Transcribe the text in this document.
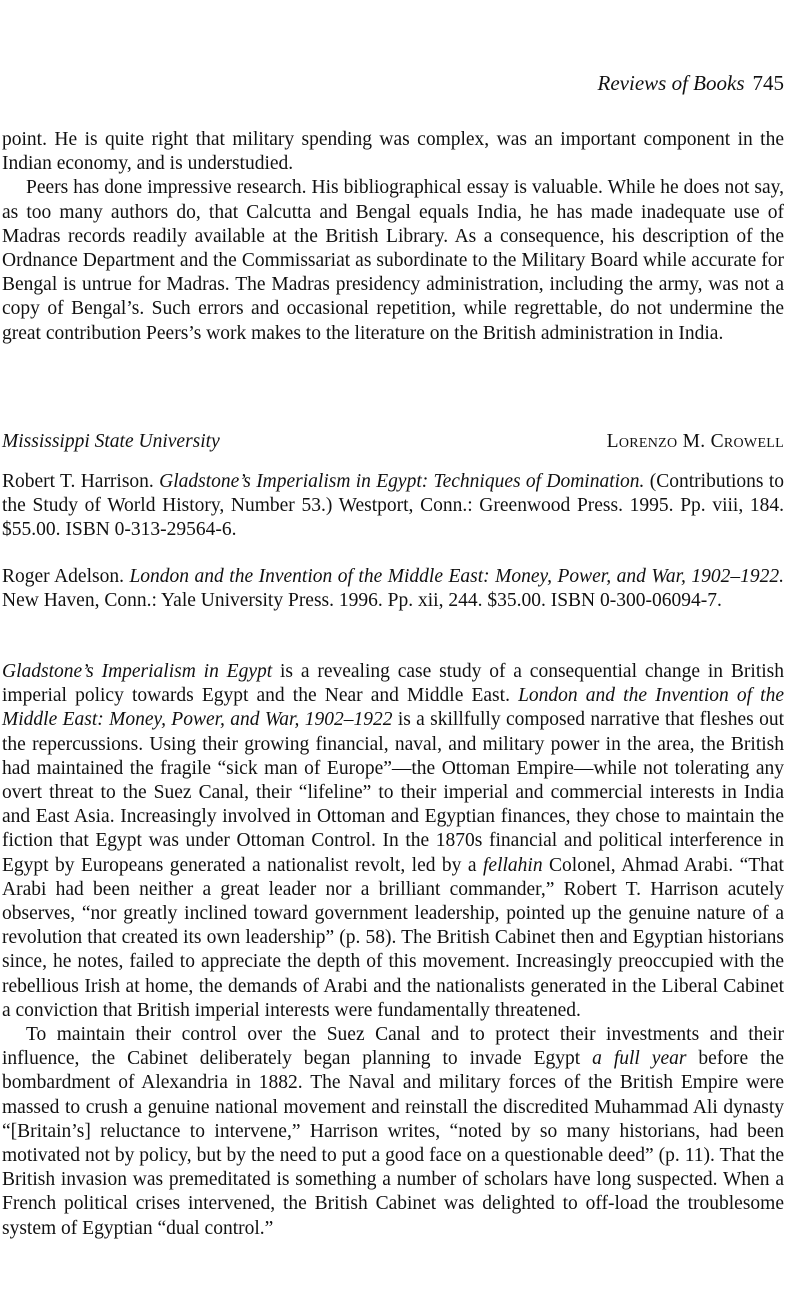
Reviews of Books 745

point. He is quite right that military spending was complex, was an important component in the Indian economy, and is understudied.

Peers has done impressive research. His bibliographical essay is valuable. While he does not say, as too many authors do, that Calcutta and Bengal equals India, he has made inadequate use of Madras records readily available at the British Library. As a consequence, his description of the Ordnance Department and the Commissariat as subordinate to the Military Board while accurate for Bengal is untrue for Madras. The Madras presidency administration, including the army, was not a copy of Bengal’s. Such errors and occasional repetition, while regrettable, do not undermine the great contribution Peers’s work makes to the literature on the British administration in India.

Mississippi State University	Lorenzo M. Crowell
Robert T. Harrison. Gladstone’s Imperialism in Egypt: Techniques of Domination. (Contributions to the Study of World History, Number 53.) Westport, Conn.: Greenwood Press. 1995. Pp. viii, 184. $55.00. ISBN 0-313-29564-6.
Roger Adelson. London and the Invention of the Middle East: Money, Power, and War, 1902–1922. New Haven, Conn.: Yale University Press. 1996. Pp. xii, 244. $35.00. ISBN 0-300-06094-7.

Gladstone’s Imperialism in Egypt is a revealing case study of a consequential change in British imperial policy towards Egypt and the Near and Middle East. London and the Invention of the Middle East: Money, Power, and War, 1902–1922 is a skillfully composed narrative that fleshes out the repercussions. Using their growing financial, naval, and military power in the area, the British had maintained the fragile “sick man of Europe”—the Ottoman Empire—while not tolerating any overt threat to the Suez Canal, their “lifeline” to their imperial and commercial interests in India and East Asia. Increasingly involved in Ottoman and Egyptian finances, they chose to maintain the fiction that Egypt was under Ottoman Control. In the 1870s financial and political interference in Egypt by Europeans generated a nationalist revolt, led by a fellahin Colonel, Ahmad Arabi. “That Arabi had been neither a great leader nor a brilliant commander,” Robert T. Harrison acutely observes, “nor greatly inclined toward government leadership, pointed up the genuine nature of a revolution that created its own leadership” (p. 58). The British Cabinet then and Egyptian historians since, he notes, failed to appreciate the depth of this movement. Increasingly preoccupied with the rebellious Irish at home, the demands of Arabi and the nationalists generated in the Liberal Cabinet a conviction that British imperial interests were fundamentally threatened.

To maintain their control over the Suez Canal and to protect their investments and their influence, the Cabinet deliberately began planning to invade Egypt a full year before the bombardment of Alexandria in 1882. The Naval and military forces of the British Empire were massed to crush a genuine national movement and reinstall the discredited Muhammad Ali dynasty “[Britain’s] reluctance to intervene,” Harrison writes, “noted by so many historians, had been motivated not by policy, but by the need to put a good face on a questionable deed” (p. 11). That the British invasion was premeditated is something a number of scholars have long suspected. When a French political crises intervened, the British Cabinet was delighted to off-load the troublesome system of Egyptian “dual control.”
